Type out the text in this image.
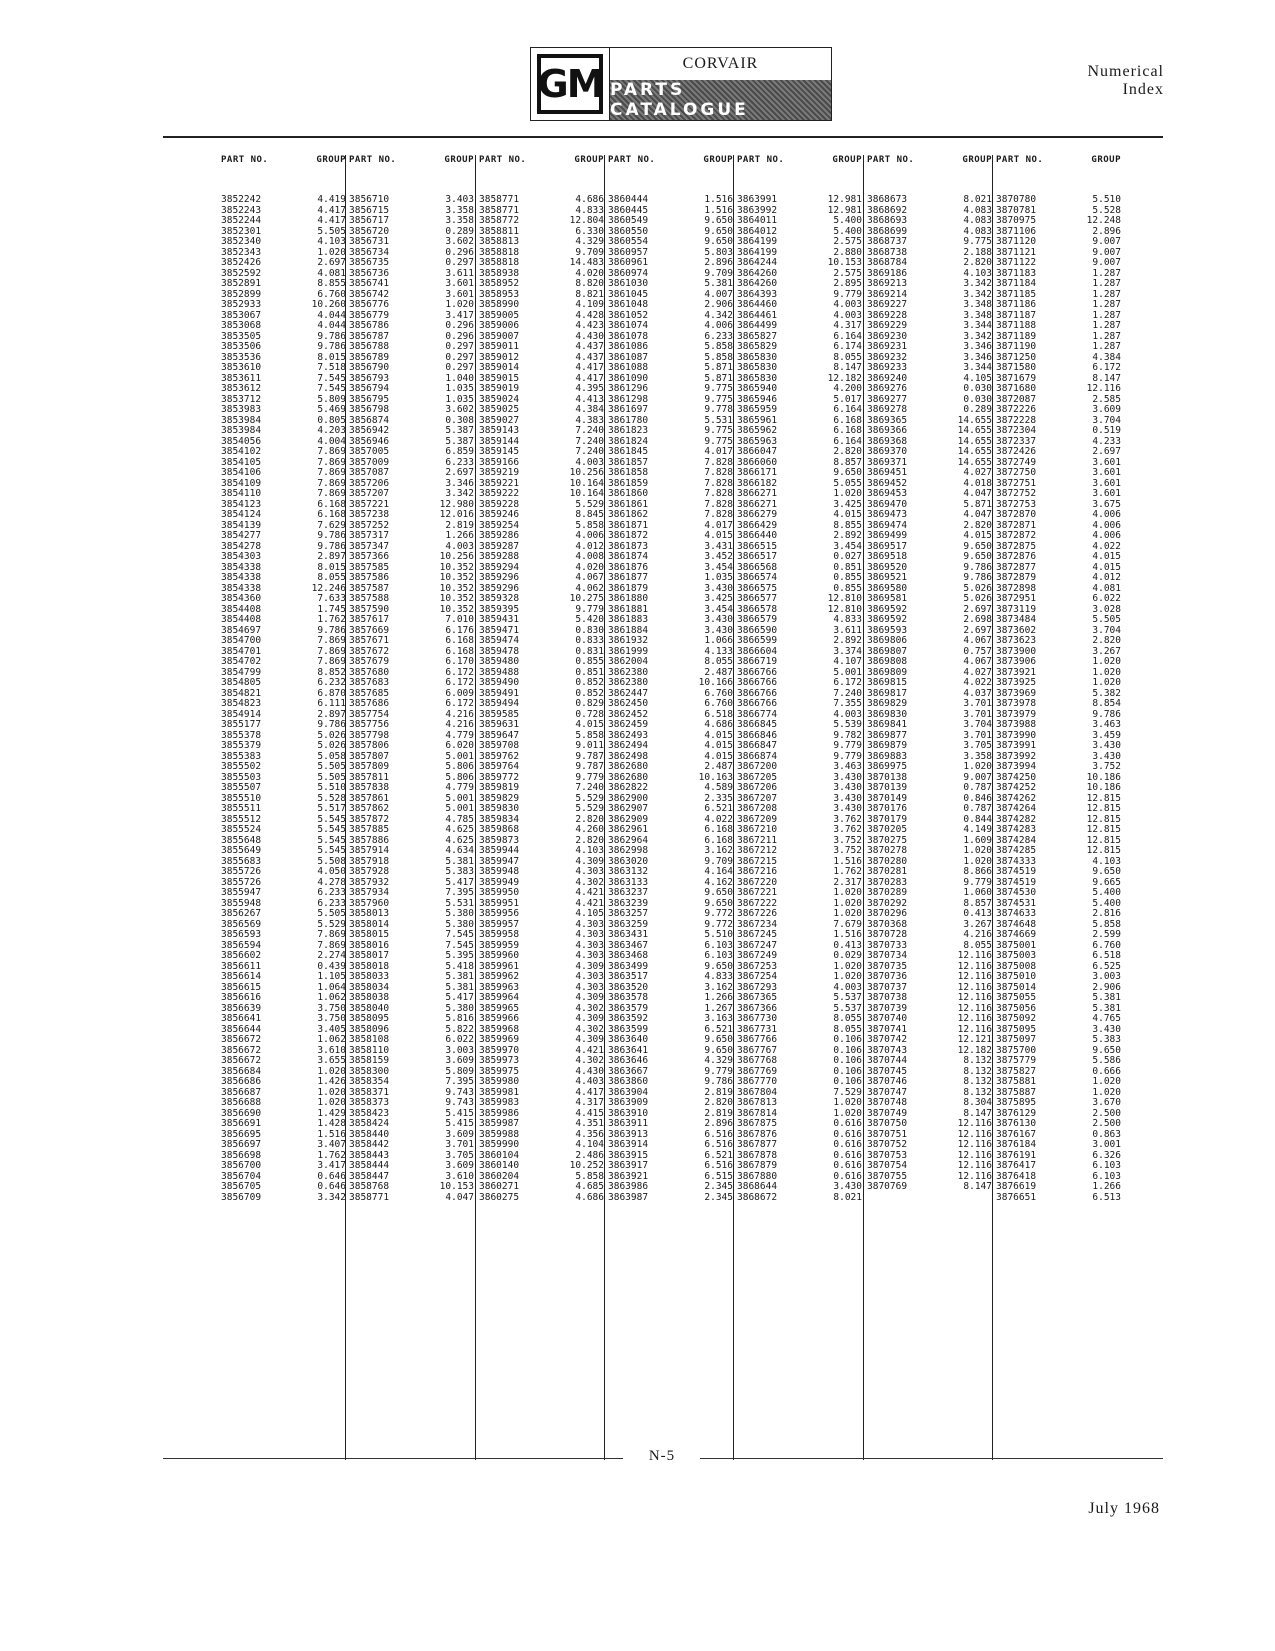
GM	CORVAIR
PARTS CATALOGUE
Numerical
Index
PART NO.	GROUP
3852242	4.419
3852243	4.417
3852244	4.417
3852301	5.505
3852340	4.103
3852343	1.020
3852426	2.697
3852592	4.081
3852891	8.855
3852899	6.760
3852933	10.260
3853067	4.044
3853068	4.044
3853505	9.786
3853506	9.786
3853536	8.015
3853610	7.518
3853611	7.545
3853612	7.545
3853712	5.809
3853983	5.469
3853984	0.805
3853984	4.203
3854056	4.004
3854102	7.869
3854105	7.869
3854106	7.869
3854109	7.869
3854110	7.869
3854123	6.168
3854124	6.168
3854139	7.629
3854277	9.786
3854278	9.786
3854303	2.897
3854338	8.015
3854338	8.055
3854338	12.246
3854360	7.633
3854408	1.745
3854408	1.762
3854697	9.786
3854700	7.869
3854701	7.869
3854702	7.869
3854799	8.852
3854805	6.232
3854821	6.870
3854823	6.111
3854914	2.897
3855177	9.786
3855378	5.026
3855379	5.026
3855383	5.058
3855502	5.505
3855503	5.505
3855507	5.510
3855510	5.528
3855511	5.517
3855512	5.545
3855524	5.545
3855648	5.545
3855649	5.545
3855683	5.508
3855726	4.050
3855726	4.278
3855947	6.233
3855948	6.233
3856267	5.505
3856569	5.529
3856593	7.869
3856594	7.869
3856602	2.274
3856611	0.439
3856614	1.105
3856615	1.064
3856616	1.062
3856639	3.750
3856641	3.750
3856644	3.405
3856672	1.062
3856672	3.610
3856672	3.655
3856684	1.020
3856686	1.426
3856687	1.020
3856688	1.020
3856690	1.429
3856691	1.428
3856695	1.516
3856697	3.407
3856698	1.762
3856700	3.417
3856704	0.646
3856705	0.646
3856709	3.342
PART NO.	GROUP
3856710	3.403
3856715	3.358
3856717	3.358
3856720	0.289
3856731	3.602
3856734	0.296
3856735	0.297
3856736	3.611
3856741	3.601
3856742	3.601
3856776	1.020
3856779	3.417
3856786	0.296
3856787	0.296
3856788	0.297
3856789	0.297
3856790	0.297
3856793	1.040
3856794	1.035
3856795	1.035
3856798	3.602
3856874	0.308
3856942	5.387
3856946	5.387
3857005	6.859
3857009	6.233
3857087	2.697
3857206	3.346
3857207	3.342
3857221	12.980
3857238	12.016
3857252	2.819
3857317	1.266
3857347	4.003
3857366	10.256
3857585	10.352
3857586	10.352
3857587	10.352
3857588	10.352
3857590	10.352
3857617	7.010
3857669	6.176
3857671	6.168
3857672	6.168
3857679	6.170
3857680	6.172
3857683	6.172
3857685	6.009
3857686	6.172
3857754	4.216
3857756	4.216
3857798	4.779
3857806	6.020
3857807	5.001
3857809	5.806
3857811	5.806
3857838	4.779
3857861	5.001
3857862	5.001
3857872	4.785
3857885	4.625
3857886	4.625
3857914	4.634
3857918	5.381
3857928	5.383
3857932	5.417
3857934	7.395
3857960	5.531
3858013	5.380
3858014	5.380
3858015	7.545
3858016	7.545
3858017	5.395
3858018	5.418
3858033	5.381
3858034	5.381
3858038	5.417
3858040	5.380
3858095	5.816
3858096	5.822
3858108	6.022
3858110	3.003
3858159	3.609
3858300	5.809
3858354	7.395
3858371	9.743
3858373	9.743
3858423	5.415
3858424	5.415
3858440	3.609
3858442	3.701
3858443	3.705
3858444	3.609
3858447	3.610
3858768	10.153
3858771	4.047
PART NO.	GROUP
3858771	4.686
3858771	4.833
3858772	12.804
3858811	6.330
3858813	4.329
3858818	9.709
3858818	14.483
3858938	4.020
3858952	8.820
3858953	8.821
3858990	4.109
3859005	4.428
3859006	4.423
3859007	4.430
3859011	4.437
3859012	4.437
3859014	4.417
3859015	4.417
3859019	4.395
3859024	4.413
3859025	4.384
3859027	4.383
3859143	7.240
3859144	7.240
3859145	7.240
3859166	4.003
3859219	10.256
3859221	10.164
3859222	10.164
3859228	5.529
3859246	8.845
3859254	5.858
3859286	4.006
3859287	4.012
3859288	4.008
3859294	4.020
3859296	4.067
3859296	4.062
3859328	10.275
3859395	9.779
3859431	5.420
3859471	0.830
3859474	0.833
3859478	0.831
3859480	0.855
3859488	0.851
3859490	0.852
3859491	0.852
3859494	0.829
3859585	0.728
3859631	4.015
3859647	5.858
3859708	9.011
3859762	9.787
3859764	9.787
3859772	9.779
3859819	7.240
3859829	5.529
3859830	5.529
3859834	2.820
3859868	4.260
3859873	2.820
3859944	4.103
3859947	4.309
3859948	4.303
3859949	4.302
3859950	4.421
3859951	4.421
3859956	4.105
3859957	4.303
3859958	4.303
3859959	4.303
3859960	4.303
3859961	4.309
3859962	4.303
3859963	4.303
3859964	4.309
3859965	4.302
3859966	4.309
3859968	4.302
3859969	4.309
3859970	4.421
3859973	4.302
3859975	4.430
3859980	4.403
3859981	4.417
3859983	4.317
3859986	4.415
3859987	4.351
3859988	4.356
3859990	4.104
3860104	2.486
3860140	10.252
3860204	5.858
3860271	4.685
3860275	4.686
PART NO.	GROUP
3860444	1.516
3860445	1.516
3860549	9.650
3860550	9.650
3860554	9.650
3860957	5.803
3860961	2.896
3860974	9.709
3861030	5.381
3861045	4.007
3861048	2.906
3861052	4.342
3861074	4.006
3861078	6.233
3861086	5.858
3861087	5.858
3861088	5.871
3861090	5.871
3861296	9.775
3861298	9.775
3861697	9.778
3861780	5.531
3861823	9.775
3861824	9.775
3861845	4.017
3861857	7.828
3861858	7.828
3861859	7.828
3861860	7.828
3861861	7.828
3861862	7.828
3861871	4.017
3861872	4.015
3861873	3.431
3861874	3.452
3861876	3.454
3861877	1.035
3861879	3.430
3861880	3.425
3861881	3.454
3861883	3.430
3861884	3.430
3861932	1.066
3861999	4.133
3862004	8.055
3862380	2.487
3862380	10.166
3862447	6.760
3862450	6.760
3862452	6.518
3862459	4.686
3862493	4.015
3862494	4.015
3862498	4.015
3862680	2.487
3862680	10.163
3862822	4.589
3862900	2.335
3862907	6.521
3862909	4.022
3862961	6.168
3862964	6.168
3862998	3.162
3863020	9.709
3863132	4.164
3863133	4.162
3863237	9.650
3863239	9.650
3863257	9.772
3863259	9.772
3863431	5.510
3863467	6.103
3863468	6.103
3863499	9.650
3863517	4.833
3863520	3.162
3863578	1.266
3863579	1.267
3863592	3.163
3863599	6.521
3863640	9.650
3863641	9.650
3863646	4.329
3863667	9.779
3863860	9.786
3863904	2.819
3863909	2.820
3863910	2.819
3863911	2.896
3863913	6.516
3863914	6.516
3863915	6.521
3863917	6.516
3863921	6.515
3863986	2.345
3863987	2.345
PART NO.	GROUP
3863991	12.981
3863992	12.981
3864011	5.400
3864012	5.400
3864199	2.575
3864199	2.880
3864244	10.153
3864260	2.575
3864260	2.895
3864393	9.779
3864460	4.003
3864461	4.003
3864499	4.317
3865827	6.164
3865829	6.174
3865830	8.055
3865830	8.147
3865830	12.182
3865940	4.200
3865946	5.017
3865959	6.164
3865961	6.168
3865962	6.168
3865963	6.164
3866047	2.820
3866060	8.857
3866171	9.650
3866182	5.055
3866271	1.020
3866271	3.425
3866279	4.015
3866429	8.855
3866440	2.892
3866515	3.454
3866517	0.027
3866568	0.851
3866574	0.855
3866575	0.855
3866577	12.810
3866578	12.810
3866579	4.833
3866590	3.611
3866599	2.892
3866604	3.374
3866719	4.107
3866766	5.001
3866766	6.172
3866766	7.240
3866766	7.355
3866774	4.003
3866845	5.539
3866846	9.782
3866847	9.779
3866874	9.779
3867200	3.463
3867205	3.430
3867206	3.430
3867207	3.430
3867208	3.430
3867209	3.762
3867210	3.762
3867211	3.752
3867212	3.752
3867215	1.516
3867216	1.762
3867220	2.317
3867221	1.020
3867222	1.020
3867226	1.020
3867234	7.679
3867245	1.516
3867247	0.413
3867249	0.029
3867253	1.020
3867254	1.020
3867293	4.003
3867365	5.537
3867366	5.537
3867730	8.055
3867731	8.055
3867766	0.106
3867767	0.106
3867768	0.106
3867769	0.106
3867770	0.106
3867804	7.529
3867813	1.020
3867814	1.020
3867875	0.616
3867876	0.616
3867877	0.616
3867878	0.616
3867879	0.616
3867880	0.616
3868644	3.430
3868672	8.021
PART NO.	GROUP
3868673	8.021
3868692	4.083
3868693	4.083
3868699	4.083
3868737	9.775
3868738	2.188
3868784	2.820
3869186	4.103
3869213	3.342
3869214	3.342
3869227	3.348
3869228	3.348
3869229	3.344
3869230	3.342
3869231	3.346
3869232	3.346
3869233	3.344
3869240	4.105
3869276	0.030
3869277	0.030
3869278	0.289
3869365	14.655
3869366	14.655
3869368	14.655
3869370	14.655
3869371	14.655
3869451	4.027
3869452	4.018
3869453	4.047
3869470	5.871
3869473	4.047
3869474	2.820
3869499	4.015
3869517	9.650
3869518	9.650
3869520	9.786
3869521	9.786
3869580	5.026
3869581	5.026
3869592	2.697
3869592	2.698
3869593	2.697
3869806	4.067
3869807	0.757
3869808	4.067
3869809	4.027
3869815	4.022
3869817	4.037
3869829	3.701
3869830	3.701
3869841	3.704
3869877	3.701
3869879	3.705
3869883	3.358
3869975	1.020
3870138	9.007
3870139	0.787
3870149	0.846
3870176	0.787
3870179	0.844
3870205	4.149
3870275	1.609
3870278	1.020
3870280	1.020
3870281	8.866
3870283	9.779
3870289	1.060
3870292	8.857
3870296	0.413
3870368	3.267
3870728	4.216
3870733	8.055
3870734	12.116
3870735	12.116
3870736	12.116
3870737	12.116
3870738	12.116
3870739	12.116
3870740	12.116
3870741	12.116
3870742	12.121
3870743	12.182
3870744	8.132
3870745	8.132
3870746	8.132
3870747	8.132
3870748	8.304
3870749	8.147
3870750	12.116
3870751	12.116
3870752	12.116
3870753	12.116
3870754	12.116
3870755	12.116
3870769	8.147
PART NO.	GROUP
3870780	5.510
3870781	5.528
3870975	12.248
3871106	2.896
3871120	9.007
3871121	9.007
3871122	9.007
3871183	1.287
3871184	1.287
3871185	1.287
3871186	1.287
3871187	1.287
3871188	1.287
3871189	1.287
3871190	1.287
3871250	4.384
3871580	6.172
3871679	8.147
3871680	12.116
3872087	2.585
3872226	3.609
3872228	3.704
3872304	0.519
3872337	4.233
3872426	2.697
3872749	3.601
3872750	3.601
3872751	3.601
3872752	3.601
3872753	3.675
3872870	4.006
3872871	4.006
3872872	4.006
3872875	4.022
3872876	4.015
3872877	4.015
3872879	4.012
3872898	4.081
3872951	6.022
3873119	3.028
3873484	5.505
3873602	3.704
3873623	2.820
3873900	3.267
3873906	1.020
3873921	1.020
3873925	1.020
3873969	5.382
3873978	8.854
3873979	9.786
3873988	3.463
3873990	3.459
3873991	3.430
3873992	3.430
3873994	3.752
3874250	10.186
3874252	10.186
3874262	12.815
3874264	12.815
3874282	12.815
3874283	12.815
3874284	12.815
3874285	12.815
3874333	4.103
3874519	9.650
3874519	9.665
3874530	5.400
3874531	5.400
3874633	2.816
3874648	5.858
3874669	2.599
3875001	6.760
3875003	6.518
3875008	6.525
3875010	3.003
3875014	2.906
3875055	5.381
3875056	5.381
3875092	4.765
3875095	3.430
3875097	5.383
3875700	9.650
3875779	5.586
3875827	0.666
3875881	1.020
3875887	1.020
3875895	3.670
3876129	2.500
3876130	2.500
3876167	0.863
3876184	3.001
3876191	6.326
3876417	6.103
3876418	6.103
3876619	1.266
3876651	6.513
N-5
July 1968
